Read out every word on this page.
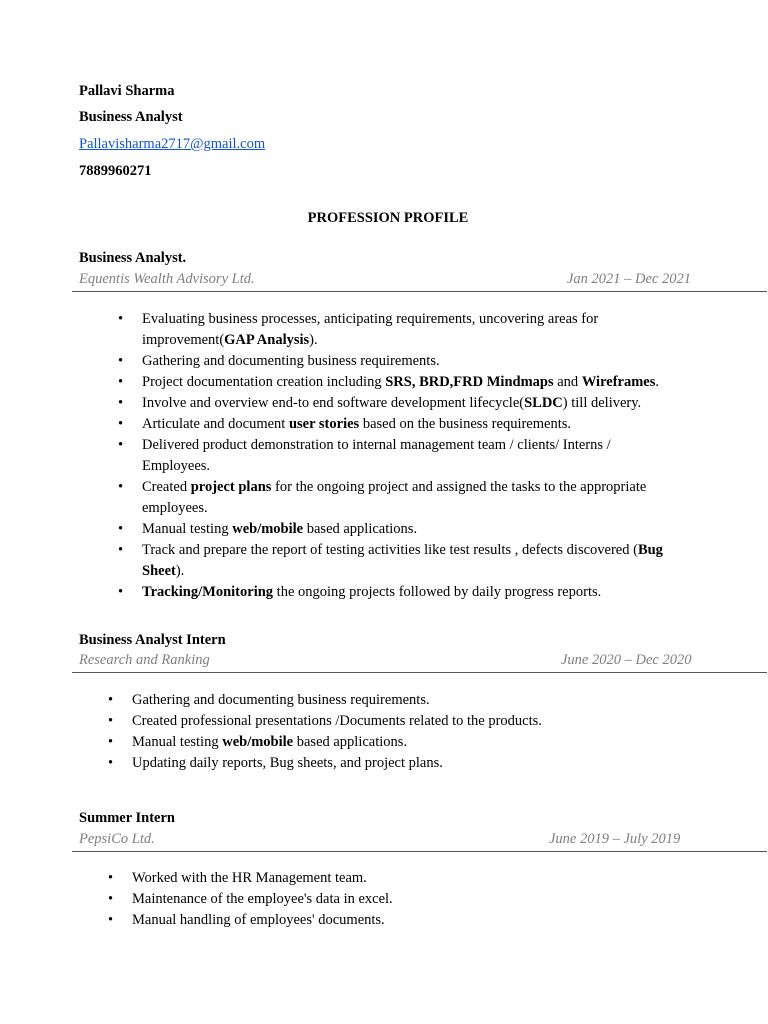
Pallavi Sharma
Business Analyst
Pallavisharma2717@gmail.com
7889960271
PROFESSION PROFILE
Business Analyst.
Equentis Wealth Advisory Ltd.	Jan 2021 – Dec 2021
• Evaluating business processes, anticipating requirements, uncovering areas for improvement(GAP Analysis).
• Gathering and documenting business requirements.
• Project documentation creation including SRS, BRD,FRD Mindmaps and Wireframes.
• Involve and overview end-to end software development lifecycle(SLDC) till delivery.
• Articulate and document user stories based on the business requirements.
• Delivered product demonstration to internal management team / clients/ Interns / Employees.
• Created project plans for the ongoing project and assigned the tasks to the appropriate employees.
• Manual testing web/mobile based applications.
• Track and prepare the report of testing activities like test results , defects discovered (Bug Sheet).
• Tracking/Monitoring the ongoing projects followed by daily progress reports.
Business Analyst Intern
Research and Ranking	June 2020 – Dec 2020
• Gathering and documenting business requirements.
• Created professional presentations /Documents related to the products.
• Manual testing web/mobile based applications.
• Updating daily reports, Bug sheets, and project plans.
Summer Intern
PepsiCo Ltd.	June 2019 – July 2019
• Worked with the HR Management team.
• Maintenance of the employee's data in excel.
• Manual handling of employees' documents.
